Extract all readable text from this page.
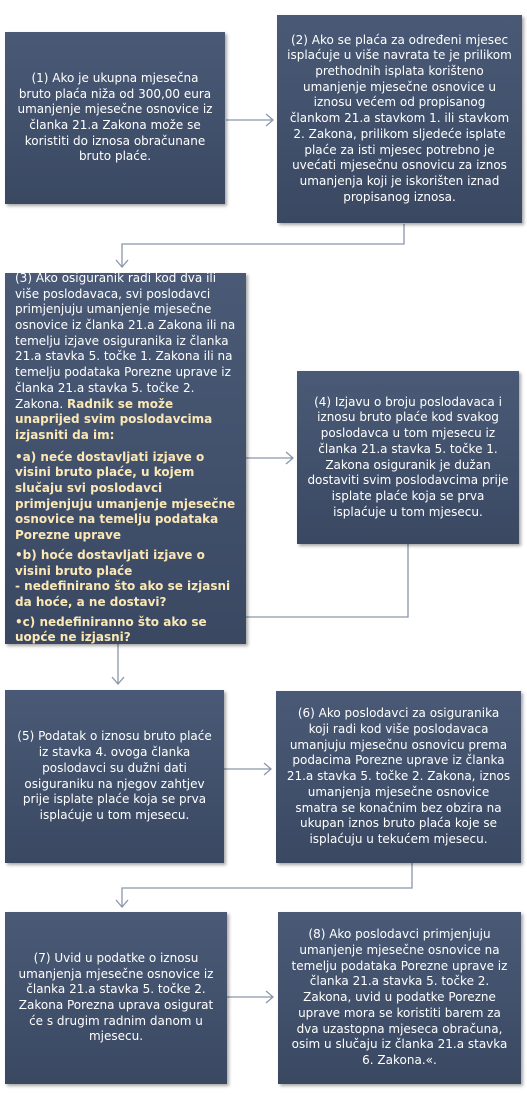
(1) Ako je ukupna mjesečna bruto plaća niža od 300,00 eura umanjenje mjesečne osnovice iz članka 21.a Zakona može se koristiti do iznosa obračunane bruto plaće.
(2) Ako se plaća za određeni mjesec isplaćuje u više navrata te je prilikom prethodnih isplata korišteno umanjenje mjesečne osnovice u iznosu većem od propisanog člankom 21.a stavkom 1. ili stavkom 2. Zakona, prilikom sljedeće isplate plaće za isti mjesec potrebno je uvećati mjesečnu osnovicu za iznos umanjenja koji je iskorišten iznad propisanog iznosa.
(3) Ako osiguranik radi kod dva ili više poslodavaca, svi poslodavci primjenjuju umanjenje mjesečne osnovice iz članka 21.a Zakona ili na temelju izjave osiguranika iz članka 21.a stavka 5. točke 1. Zakona ili na temelju podataka Porezne uprave iz članka 21.a stavka 5. točke 2. Zakona. Radnik se može unaprijed svim poslodavcima izjasniti da im:
•a) neće dostavljati izjave o visini bruto plaće, u kojem slučaju svi poslodavci primjenjuju umanjenje mjesečne osnovice na temelju podataka Porezne uprave
•b) hoće dostavljati izjave o visini bruto plaće
- nedefinirano što ako se izjasni da hoće, a ne dostavi?
•c) nedefiniranno što ako se uopće ne izjasni?
(4) Izjavu o broju poslodavaca i iznosu bruto plaće kod svakog poslodavca u tom mjesecu iz članka 21.a stavka 5. točke 1. Zakona osiguranik je dužan dostaviti svim poslodavcima prije isplate plaće koja se prva isplaćuje u tom mjesecu.
(5) Podatak o iznosu bruto plaće iz stavka 4. ovoga članka poslodavci su dužni dati osiguraniku na njegov zahtjev prije isplate plaće koja se prva isplaćuje u tom mjesecu.
(6) Ako poslodavci za osiguranika koji radi kod više poslodavaca umanjuju mjesečnu osnovicu prema podacima Porezne uprave iz članka 21.a stavka 5. točke 2. Zakona, iznos umanjenja mjesečne osnovice smatra se konačnim bez obzira na ukupan iznos bruto plaća koje se isplaćuju u tekućem mjesecu.
(7) Uvid u podatke o iznosu umanjenja mjesečne osnovice iz članka 21.a stavka 5. točke 2. Zakona Porezna uprava osigurat će s drugim radnim danom u mjesecu.
(8) Ako poslodavci primjenjuju umanjenje mjesečne osnovice na temelju podataka Porezne uprave iz članka 21.a stavka 5. točke 2. Zakona, uvid u podatke Porezne uprave mora se koristiti barem za dva uzastopna mjeseca obračuna, osim u slučaju iz članka 21.a stavka 6. Zakona.«.
